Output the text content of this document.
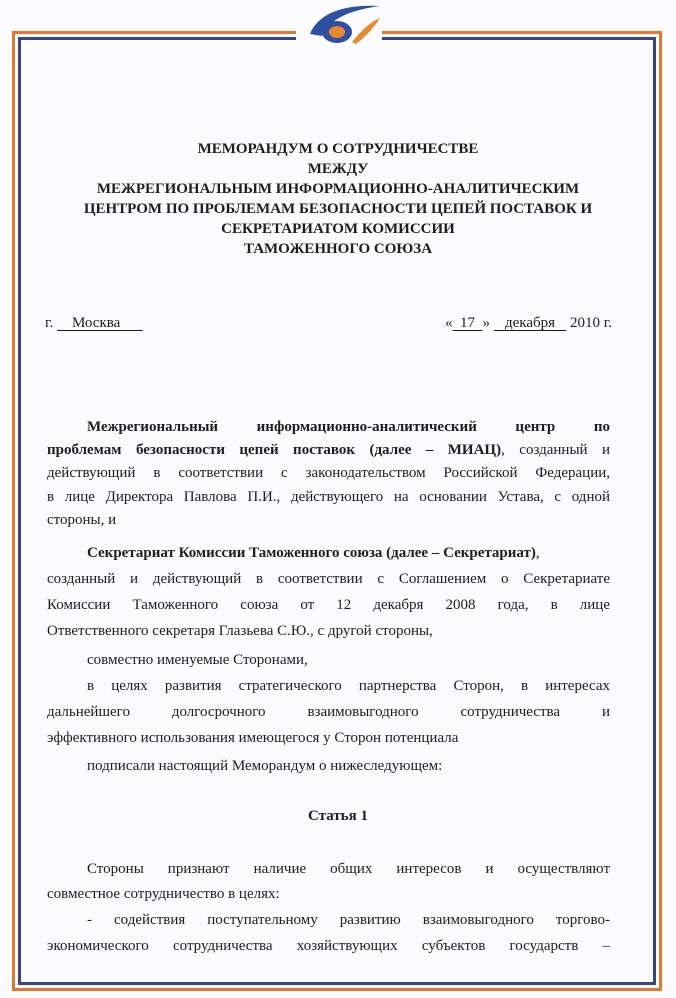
МЕМОРАНДУМ О СОТРУДНИЧЕСТВЕ
МЕЖДУ
МЕЖРЕГИОНАЛЬНЫМ ИНФОРМАЦИОННО-АНАЛИТИЧЕСКИМ
ЦЕНТРОМ ПО ПРОБЛЕМАМ БЕЗОПАСНОСТИ ЦЕПЕЙ ПОСТАВОК И
СЕКРЕТАРИАТОМ КОМИССИИ
ТАМОЖЕННОГО СОЮЗА
г. Москва	« 17 »    декабря 2010 г.
Межрегиональный информационно-аналитический центр по
проблемам безопасности цепей поставок (далее – МИАЦ), созданный и
действующий в соответствии с законодательством Российской Федерации,
в лице Директора Павлова П.И., действующего на основании Устава, с одной
стороны, и
Секретариат Комиссии Таможенного союза (далее – Секретариат),
созданный и действующий в соответствии с Соглашением о Секретариате
Комиссии Таможенного союза от 12 декабря 2008 года, в лице
Ответственного секретаря Глазьева С.Ю., с другой стороны,
совместно именуемые Сторонами,
в целях развития стратегического партнерства Сторон, в интересах
дальнейшего долгосрочного взаимовыгодного сотрудничества и
эффективного использования имеющегося у Сторон потенциала
подписали настоящий Меморандум о нижеследующем:
Статья 1
Стороны признают наличие общих интересов и осуществляют
совместное сотрудничество в целях:
- содействия поступательному развитию взаимовыгодного торгово-
экономического сотрудничества хозяйствующих субъектов государств –
